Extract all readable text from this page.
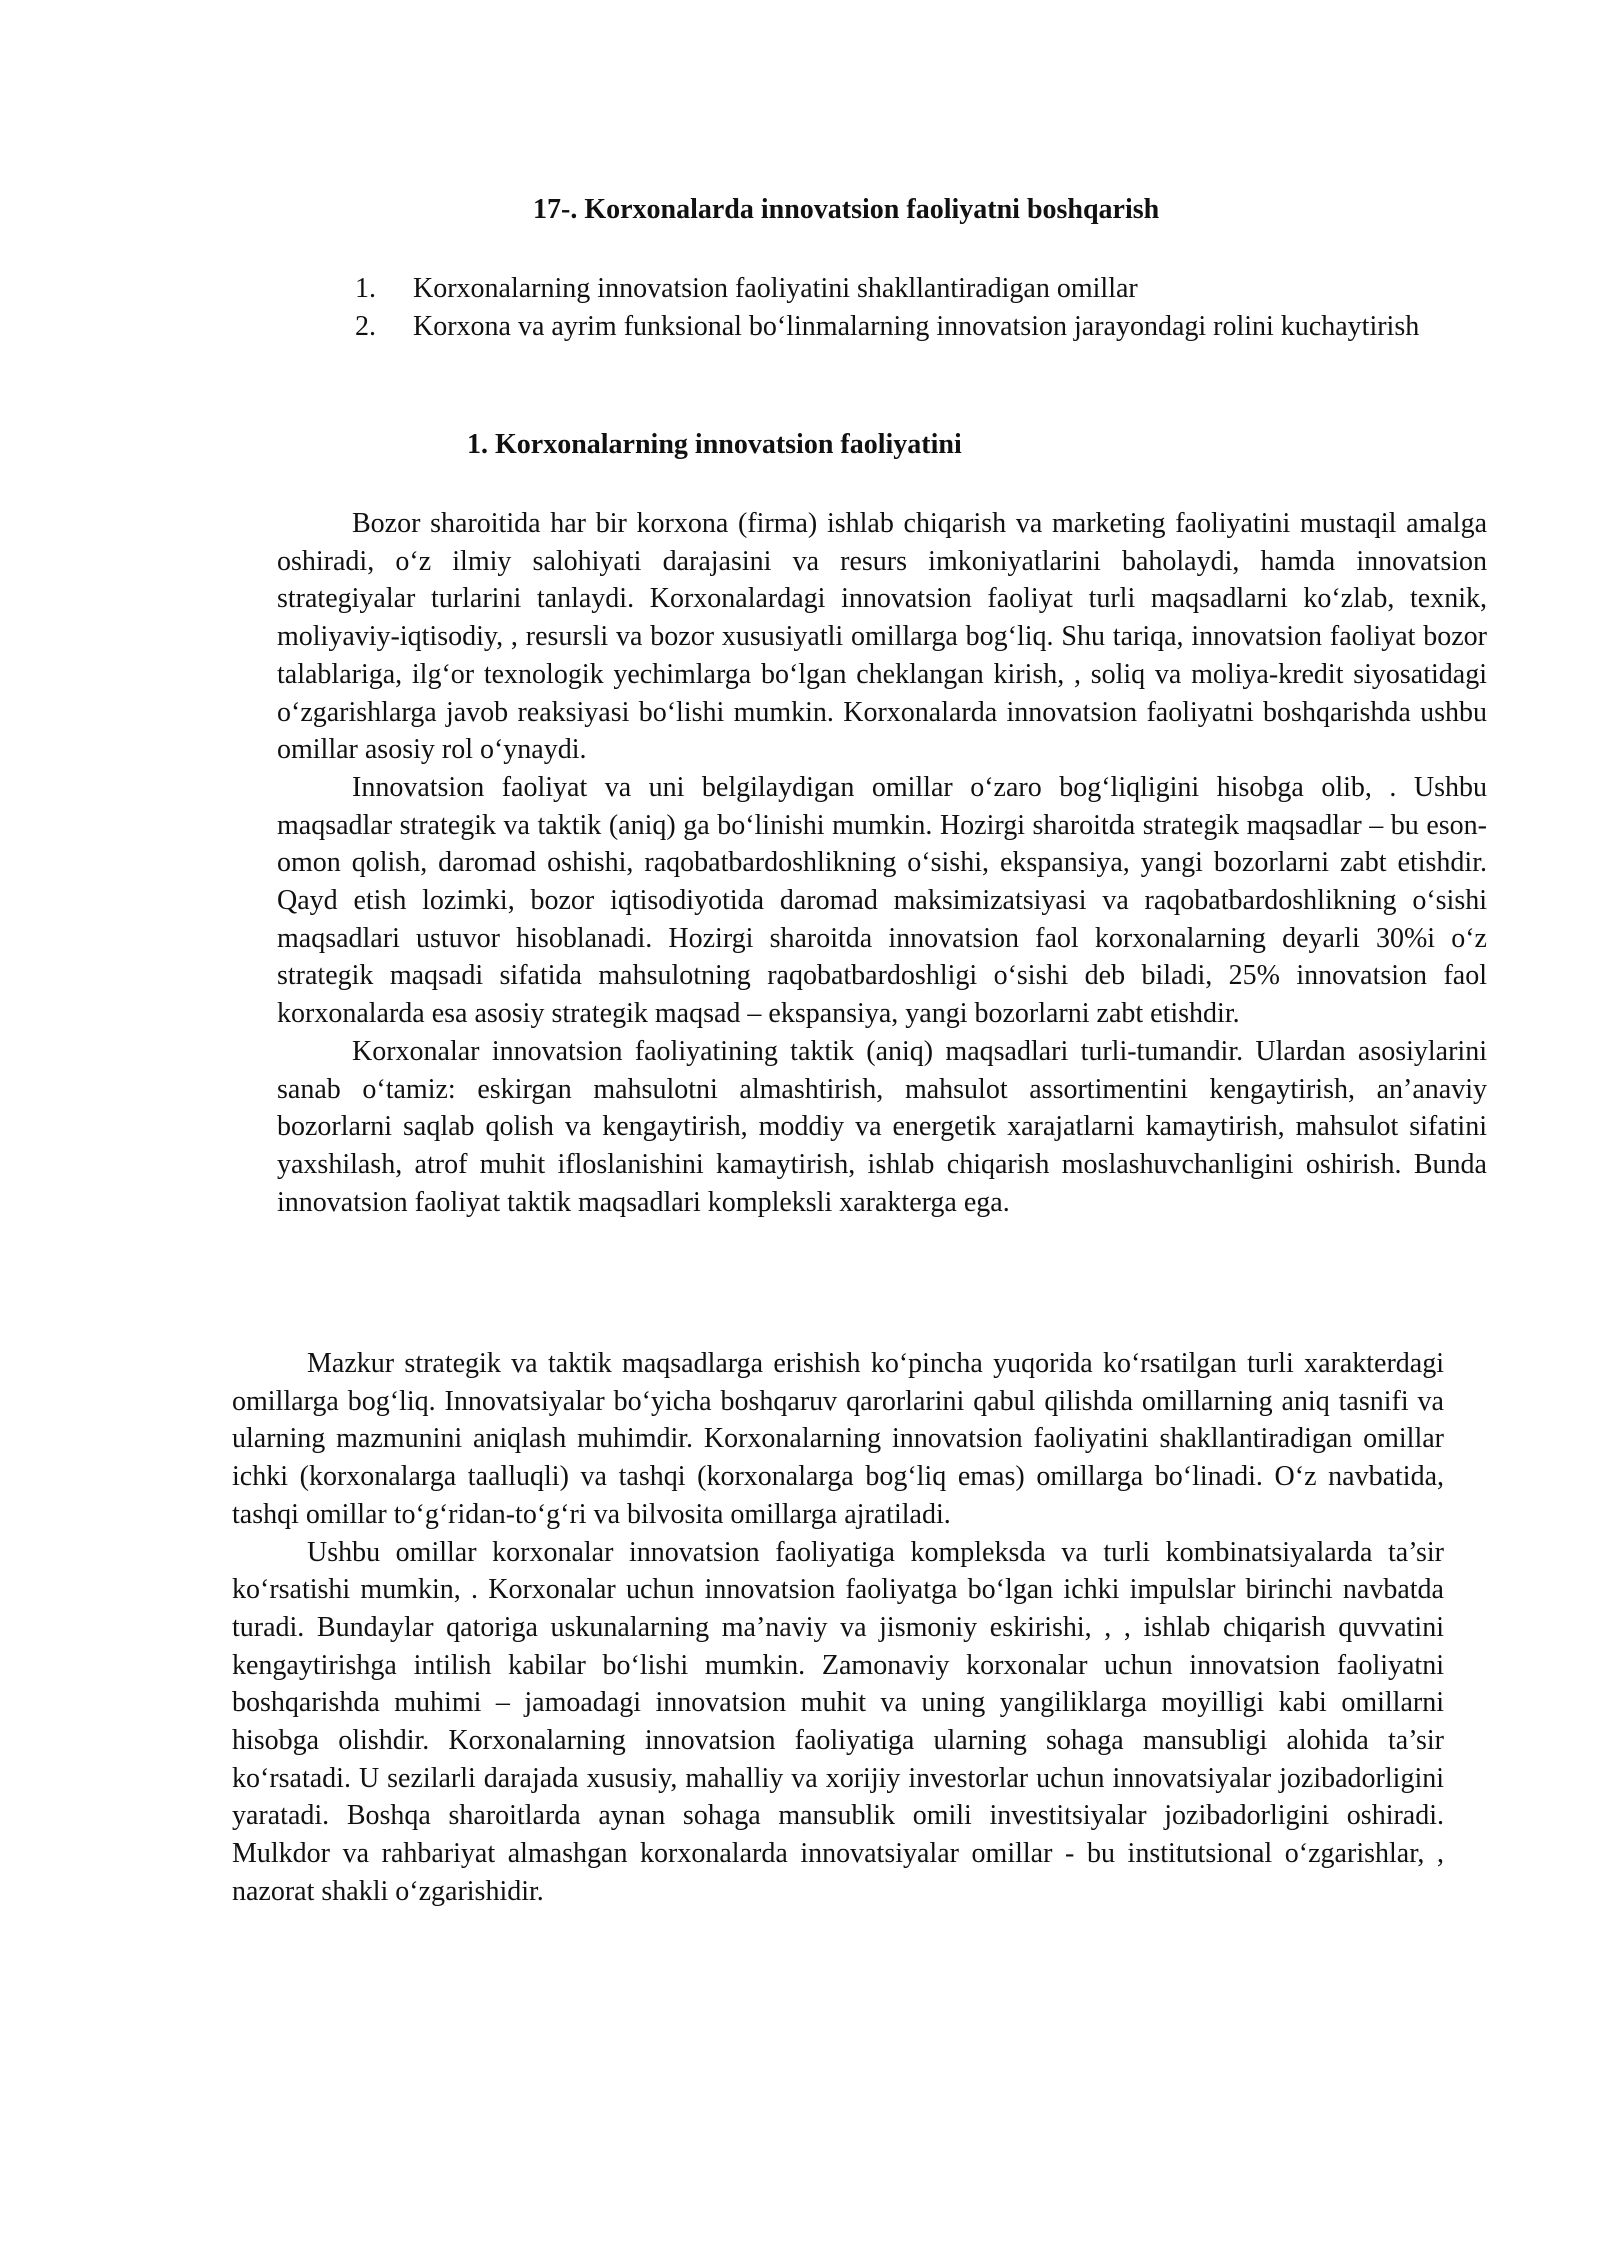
17-. Korxonalarda innovatsion faoliyatni boshqarish
1. Korxonalarning innovatsion faoliyatini shakllantiradigan omillar
2. Korxona va ayrim funksional bo‘linmalarning innovatsion jarayondagi rolini kuchaytirish
1. Korxonalarning innovatsion faoliyatini

Bozor sharoitida har bir korxona (firma) ishlab chiqarish va marketing faoliyatini mustaqil amalga oshiradi, o‘z ilmiy salohiyati darajasini va resurs imkoniyatlarini baholaydi, hamda innovatsion strategiyalar turlarini tanlaydi. Korxonalardagi innovatsion faoliyat turli maqsadlarni ko‘zlab, texnik, moliyaviy-iqtisodiy, , resursli va bozor xususiyatli omillarga bog‘liq. Shu tariqa, innovatsion faoliyat bozor talablariga, ilg‘or texnologik yechimlarga bo‘lgan cheklangan kirish, , soliq va moliya-kredit siyosatidagi o‘zgarishlarga javob reaksiyasi bo‘lishi mumkin. Korxonalarda innovatsion faoliyatni boshqarishda ushbu omillar asosiy rol o‘ynaydi.

Innovatsion faoliyat va uni belgilaydigan omillar o‘zaro bog‘liqligini hisobga olib, . Ushbu maqsadlar strategik va taktik (aniq) ga bo‘linishi mumkin. Hozirgi sharoitda strategik maqsadlar – bu eson-omon qolish, daromad oshishi, raqobatbardoshlikning o‘sishi, ekspansiya, yangi bozorlarni zabt etishdir. Qayd etish lozimki, bozor iqtisodiyotida daromad maksimizatsiyasi va raqobatbardoshlikning o‘sishi maqsadlari ustuvor hisoblanadi. Hozirgi sharoitda innovatsion faol korxonalarning deyarli 30%i o‘z strategik maqsadi sifatida mahsulotning raqobatbardoshligi o‘sishi deb biladi, 25% innovatsion faol korxonalarda esa asosiy strategik maqsad – ekspansiya, yangi bozorlarni zabt etishdir.

Korxonalar innovatsion faoliyatining taktik (aniq) maqsadlari turli-tumandir. Ulardan asosiylarini sanab o‘tamiz: eskirgan mahsulotni almashtirish, mahsulot assortimentini kengaytirish, an’anaviy bozorlarni saqlab qolish va kengaytirish, moddiy va energetik xarajatlarni kamaytirish, mahsulot sifatini yaxshilash, atrof muhit ifloslanishini kamaytirish, ishlab chiqarish moslashuvchanligini oshirish. Bunda innovatsion faoliyat taktik maqsadlari kompleksli xarakterga ega.

Mazkur strategik va taktik maqsadlarga erishish ko‘pincha yuqorida ko‘rsatilgan turli xarakterdagi omillarga bog‘liq. Innovatsiyalar bo‘yicha boshqaruv qarorlarini qabul qilishda omillarning aniq tasnifi va ularning mazmunini aniqlash muhimdir. Korxonalarning innovatsion faoliyatini shakllantiradigan omillar ichki (korxonalarga taalluqli) va tashqi (korxonalarga bog‘liq emas) omillarga bo‘linadi. O‘z navbatida, tashqi omillar to‘g‘ridan-to‘g‘ri va bilvosita omillarga ajratiladi.

Ushbu omillar korxonalar innovatsion faoliyatiga kompleksda va turli kombinatsiyalarda ta’sir ko‘rsatishi mumkin, . Korxonalar uchun innovatsion faoliyatga bo‘lgan ichki impulslar birinchi navbatda turadi. Bundaylar qatoriga uskunalarning ma’naviy va jismoniy eskirishi, , , ishlab chiqarish quvvatini kengaytirishga intilish kabilar bo‘lishi mumkin. Zamonaviy korxonalar uchun innovatsion faoliyatni boshqarishda muhimi – jamoadagi innovatsion muhit va uning yangiliklarga moyilligi kabi omillarni hisobga olishdir. Korxonalarning innovatsion faoliyatiga ularning sohaga mansubligi alohida ta’sir ko‘rsatadi. U sezilarli darajada xususiy, mahalliy va xorijiy investorlar uchun innovatsiyalar jozibadorligini yaratadi. Boshqa sharoitlarda aynan sohaga mansublik omili investitsiyalar jozibadorligini oshiradi. Mulkdor va rahbariyat almashgan korxonalarda innovatsiyalar omillar - bu institutsional o‘zgarishlar, , nazorat shakli o‘zgarishidir.
